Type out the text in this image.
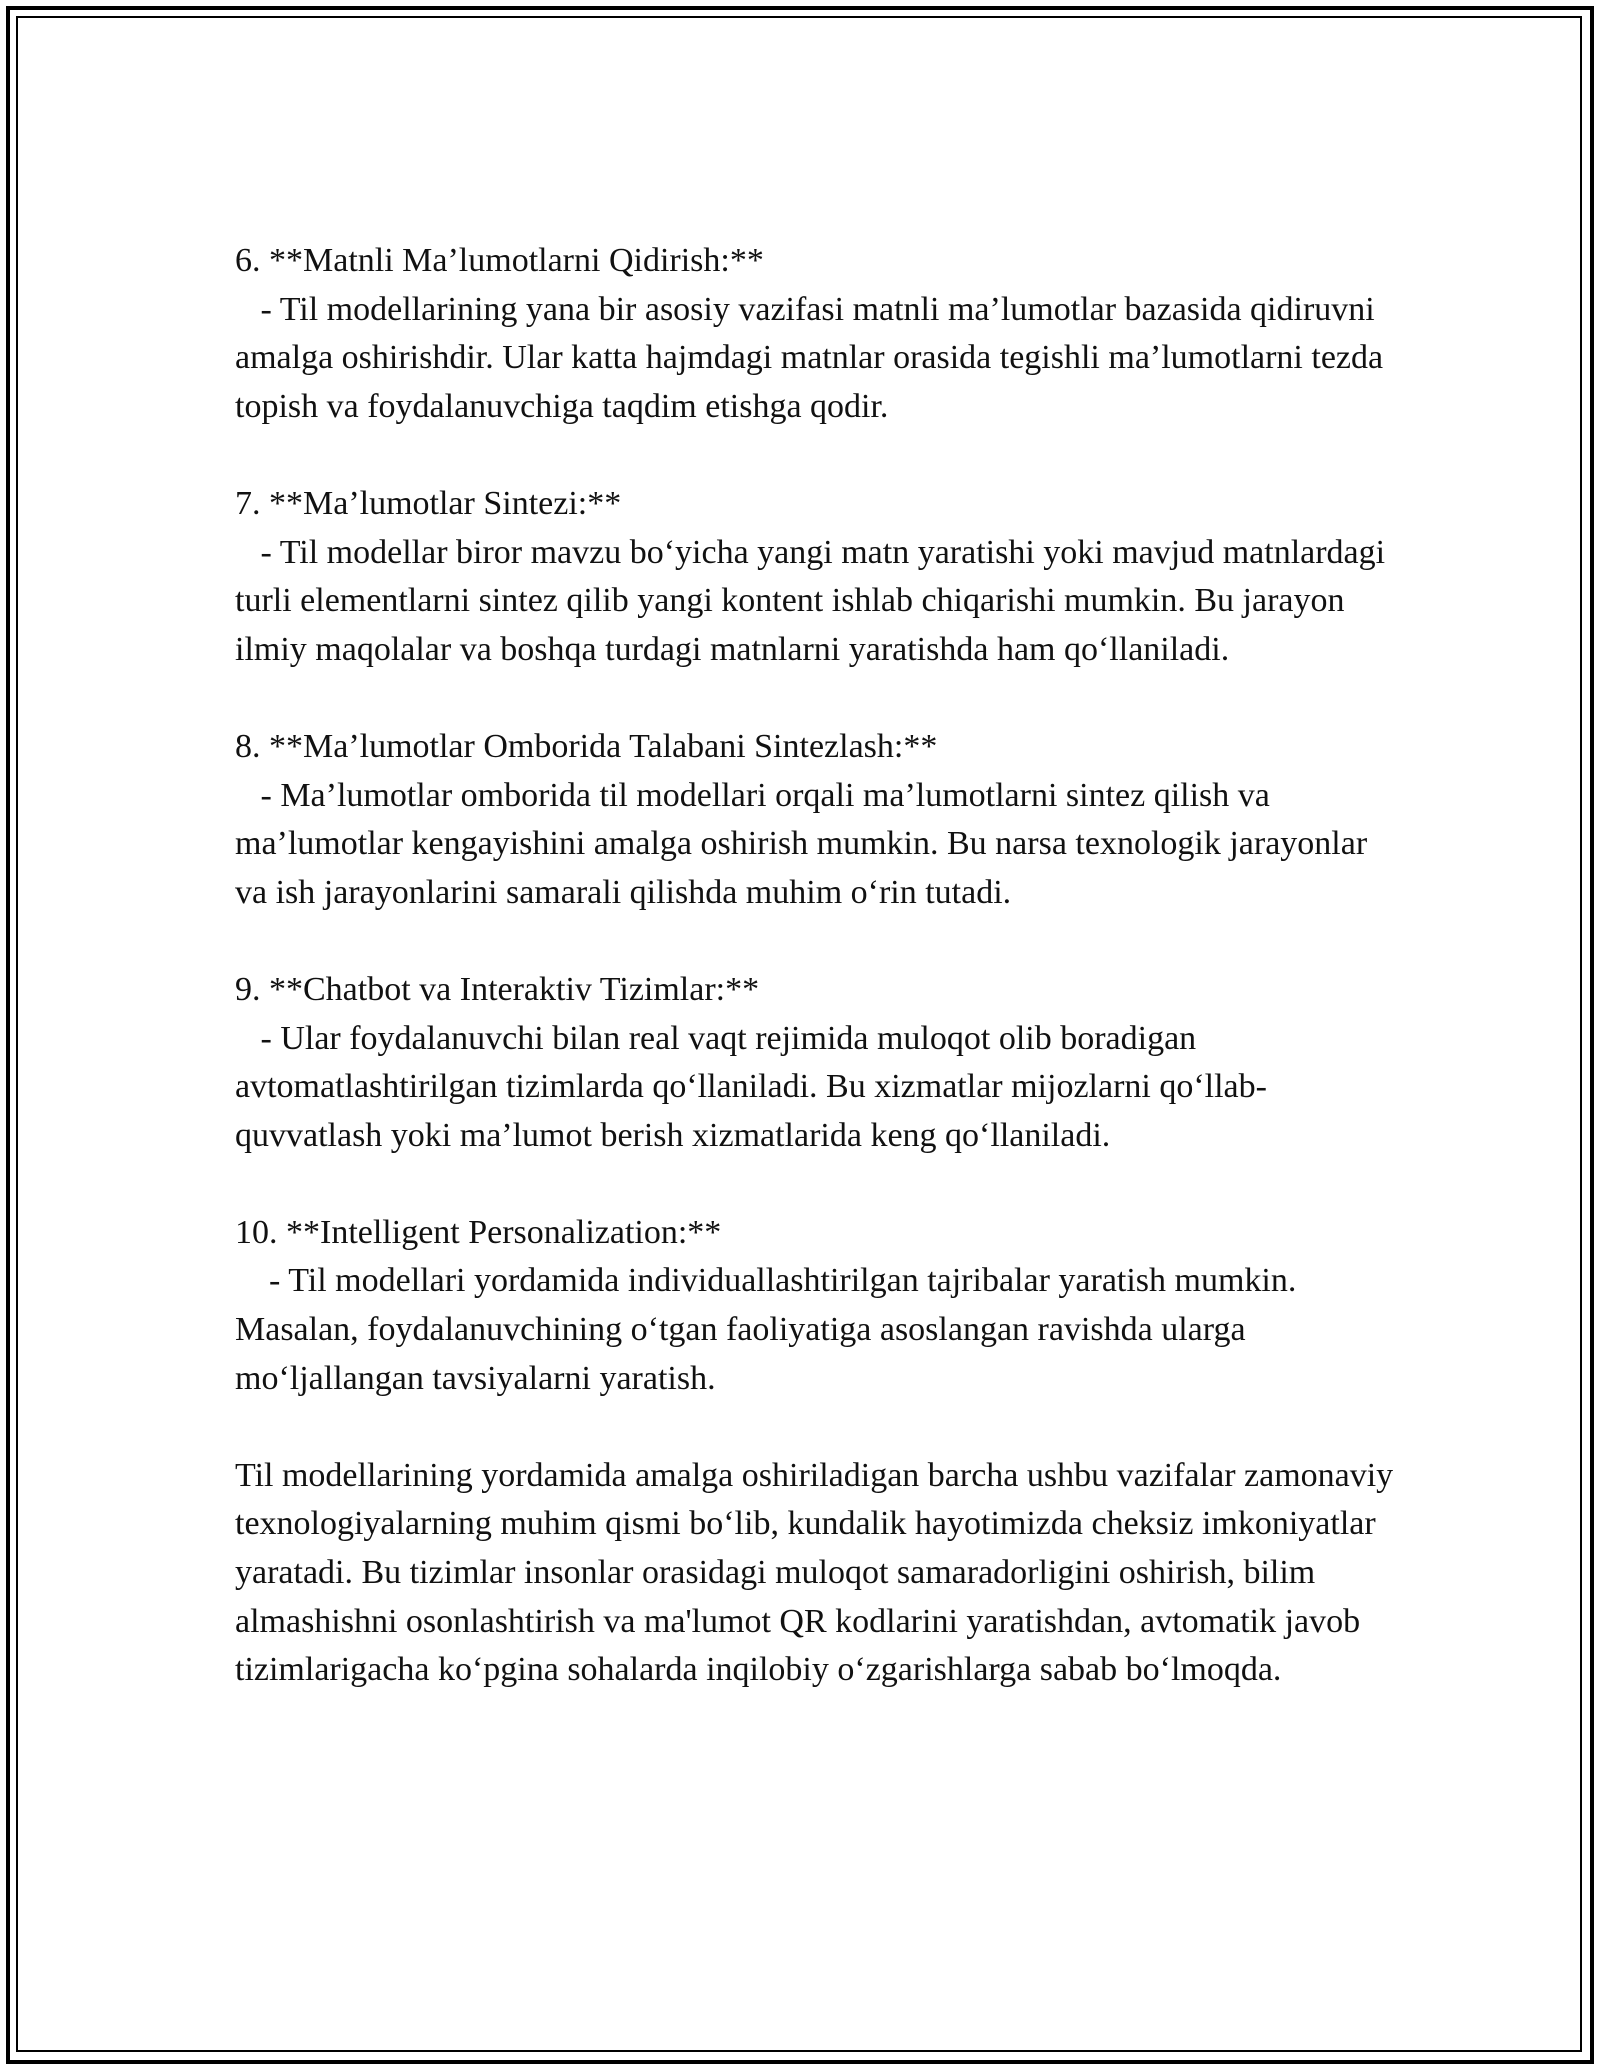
6. **Matnli Ma’lumotlarni Qidirish:**
- Til modellarining yana bir asosiy vazifasi matnli ma’lumotlar bazasida qidiruvni amalga oshirishdir. Ular katta hajmdagi matnlar orasida tegishli ma’lumotlarni tezda topish va foydalanuvchiga taqdim etishga qodir.
7. **Ma’lumotlar Sintezi:**
- Til modellar biror mavzu bo‘yicha yangi matn yaratishi yoki mavjud matnlardagi turli elementlarni sintez qilib yangi kontent ishlab chiqarishi mumkin. Bu jarayon ilmiy maqolalar va boshqa turdagi matnlarni yaratishda ham qo‘llaniladi.
8. **Ma’lumotlar Omborida Talabani Sintezlash:**
- Ma’lumotlar omborida til modellari orqali ma’lumotlarni sintez qilish va ma’lumotlar kengayishini amalga oshirish mumkin. Bu narsa texnologik jarayonlar va ish jarayonlarini samarali qilishda muhim o‘rin tutadi.
9. **Chatbot va Interaktiv Tizimlar:**
- Ular foydalanuvchi bilan real vaqt rejimida muloqot olib boradigan avtomatlashtirilgan tizimlarda qo‘llaniladi. Bu xizmatlar mijozlarni qo‘llab-quvvatlash yoki ma’lumot berish xizmatlarida keng qo‘llaniladi.
10. **Intelligent Personalization:**
- Til modellari yordamida individuallashtirilgan tajribalar yaratish mumkin. Masalan, foydalanuvchining o‘tgan faoliyatiga asoslangan ravishda ularga mo‘ljallangan tavsiyalarni yaratish.

Til modellarining yordamida amalga oshiriladigan barcha ushbu vazifalar zamonaviy texnologiyalarning muhim qismi bo‘lib, kundalik hayotimizda cheksiz imkoniyatlar yaratadi. Bu tizimlar insonlar orasidagi muloqot samaradorligini oshirish, bilim almashishni osonlashtirish va ma'lumot QR kodlarini yaratishdan, avtomatik javob tizimlarigacha ko‘pgina sohalarda inqilobiy o‘zgarishlarga sabab bo‘lmoqda.
